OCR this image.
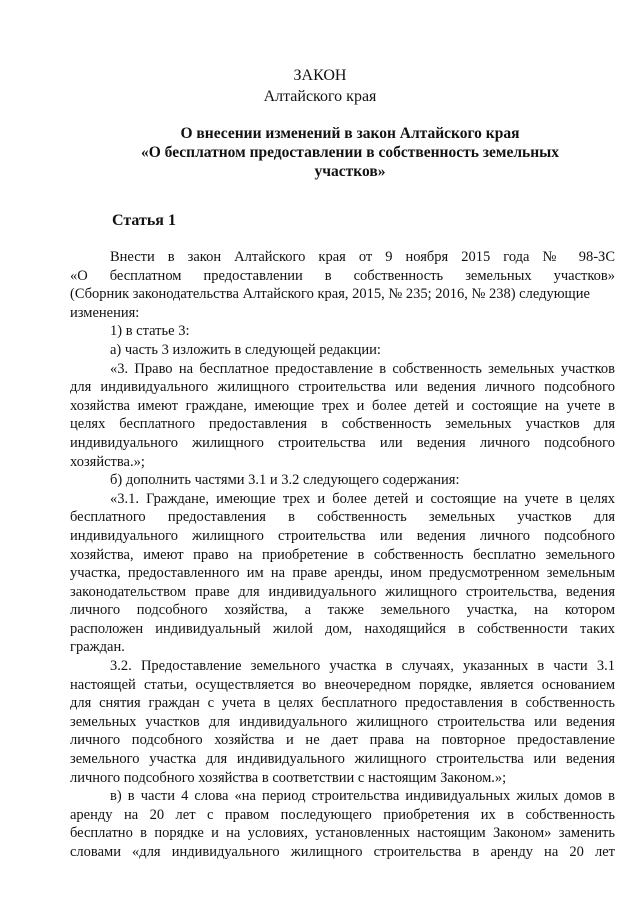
ЗАКОН
Алтайского края
О внесении изменений в закон Алтайского края
«О бесплатном предоставлении в собственность земельных
участков»
Статья 1
Внести в закон Алтайского края от 9 ноября 2015 года № 98-ЗС
«О бесплатном предоставлении в собственность земельных участков»
(Сборник законодательства Алтайского края, 2015, № 235; 2016, № 238) следующие
изменения:
1) в статье 3:
а) часть 3 изложить в следующей редакции:
«3. Право на бесплатное предоставление в собственность земельных участков
для индивидуального жилищного строительства или ведения личного подсобного
хозяйства имеют граждане, имеющие трех и более детей и состоящие на учете в
целях бесплатного предоставления в собственность земельных участков для
индивидуального жилищного строительства или ведения личного подсобного
хозяйства.»;
б) дополнить частями 3.1 и 3.2 следующего содержания:
«3.1. Граждане, имеющие трех и более детей и состоящие на учете в целях
бесплатного предоставления в собственность земельных участков для
индивидуального жилищного строительства или ведения личного подсобного
хозяйства, имеют право на приобретение в собственность бесплатно земельного
участка, предоставленного им на праве аренды, ином предусмотренном земельным
законодательством праве для индивидуального жилищного строительства, ведения
личного подсобного хозяйства, а также земельного участка, на котором
расположен индивидуальный жилой дом, находящийся в собственности таких
граждан.
3.2. Предоставление земельного участка в случаях, указанных в части 3.1
настоящей статьи, осуществляется во внеочередном порядке, является основанием
для снятия граждан с учета в целях бесплатного предоставления в собственность
земельных участков для индивидуального жилищного строительства или ведения
личного подсобного хозяйства и не дает права на повторное предоставление
земельного участка для индивидуального жилищного строительства или ведения
личного подсобного хозяйства в соответствии с настоящим Законом.»;
в) в части 4 слова «на период строительства индивидуальных жилых домов в
аренду на 20 лет с правом последующего приобретения их в собственность
бесплатно в порядке и на условиях, установленных настоящим Законом» заменить
словами «для индивидуального жилищного строительства в аренду на 20 лет
